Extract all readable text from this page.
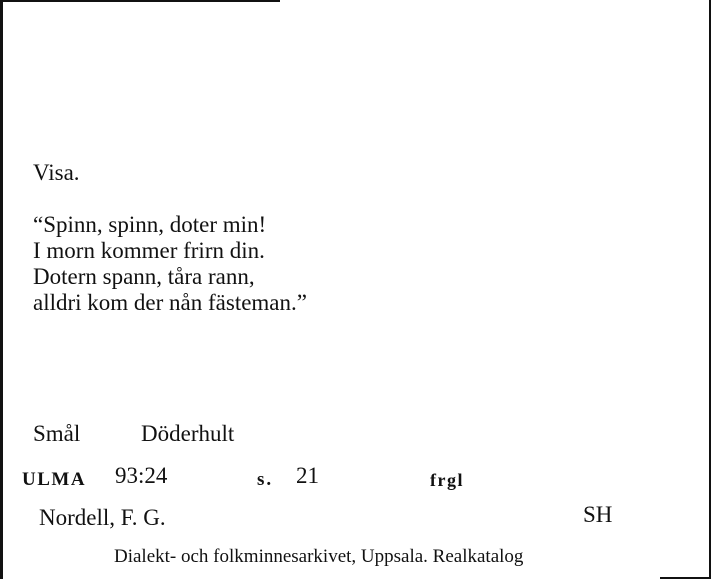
Visa.
“Spinn, spinn, doter min!
I morn kommer frirn din.
Dotern spann, tåra rann,
alldri kom der nån fästeman.”
Smål	Döderhult
ULMA 93:24	s. 21	frgl
Nordell, F. G.	SH
Dialekt- och folkminnesarkivet, Uppsala. Realkatalog
